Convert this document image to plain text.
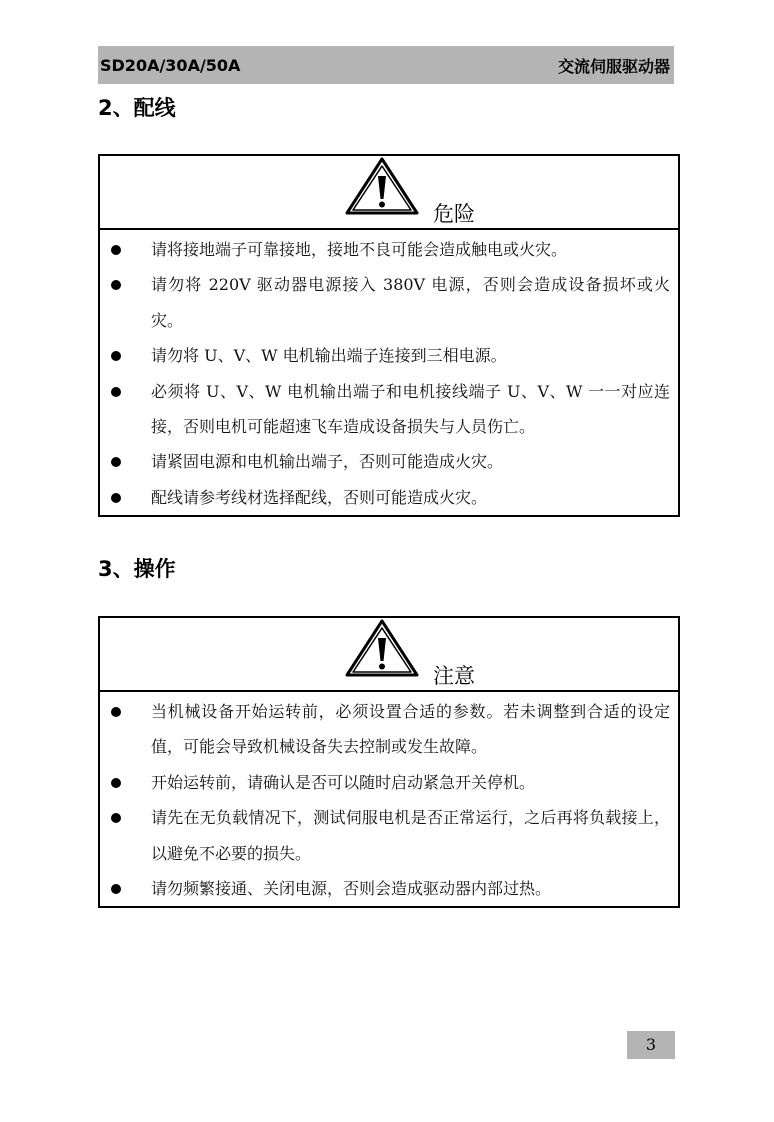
SD20A/30A/50A	交流伺服驱动器
2、配线
危险
请将接地端子可靠接地，接地不良可能会造成触电或火灾。
请勿将 220V 驱动器电源接入 380V 电源，否则会造成设备损坏或火灾。
请勿将 U、V、W 电机输出端子连接到三相电源。
必须将 U、V、W 电机输出端子和电机接线端子 U、V、W 一一对应连接，否则电机可能超速飞车造成设备损失与人员伤亡。
请紧固电源和电机输出端子，否则可能造成火灾。
配线请参考线材选择配线，否则可能造成火灾。
3、操作
注意
当机械设备开始运转前，必须设置合适的参数。若未调整到合适的设定值，可能会导致机械设备失去控制或发生故障。
开始运转前，请确认是否可以随时启动紧急开关停机。
请先在无负载情况下，测试伺服电机是否正常运行，之后再将负载接上，以避免不必要的损失。
请勿频繁接通、关闭电源，否则会造成驱动器内部过热。
3
